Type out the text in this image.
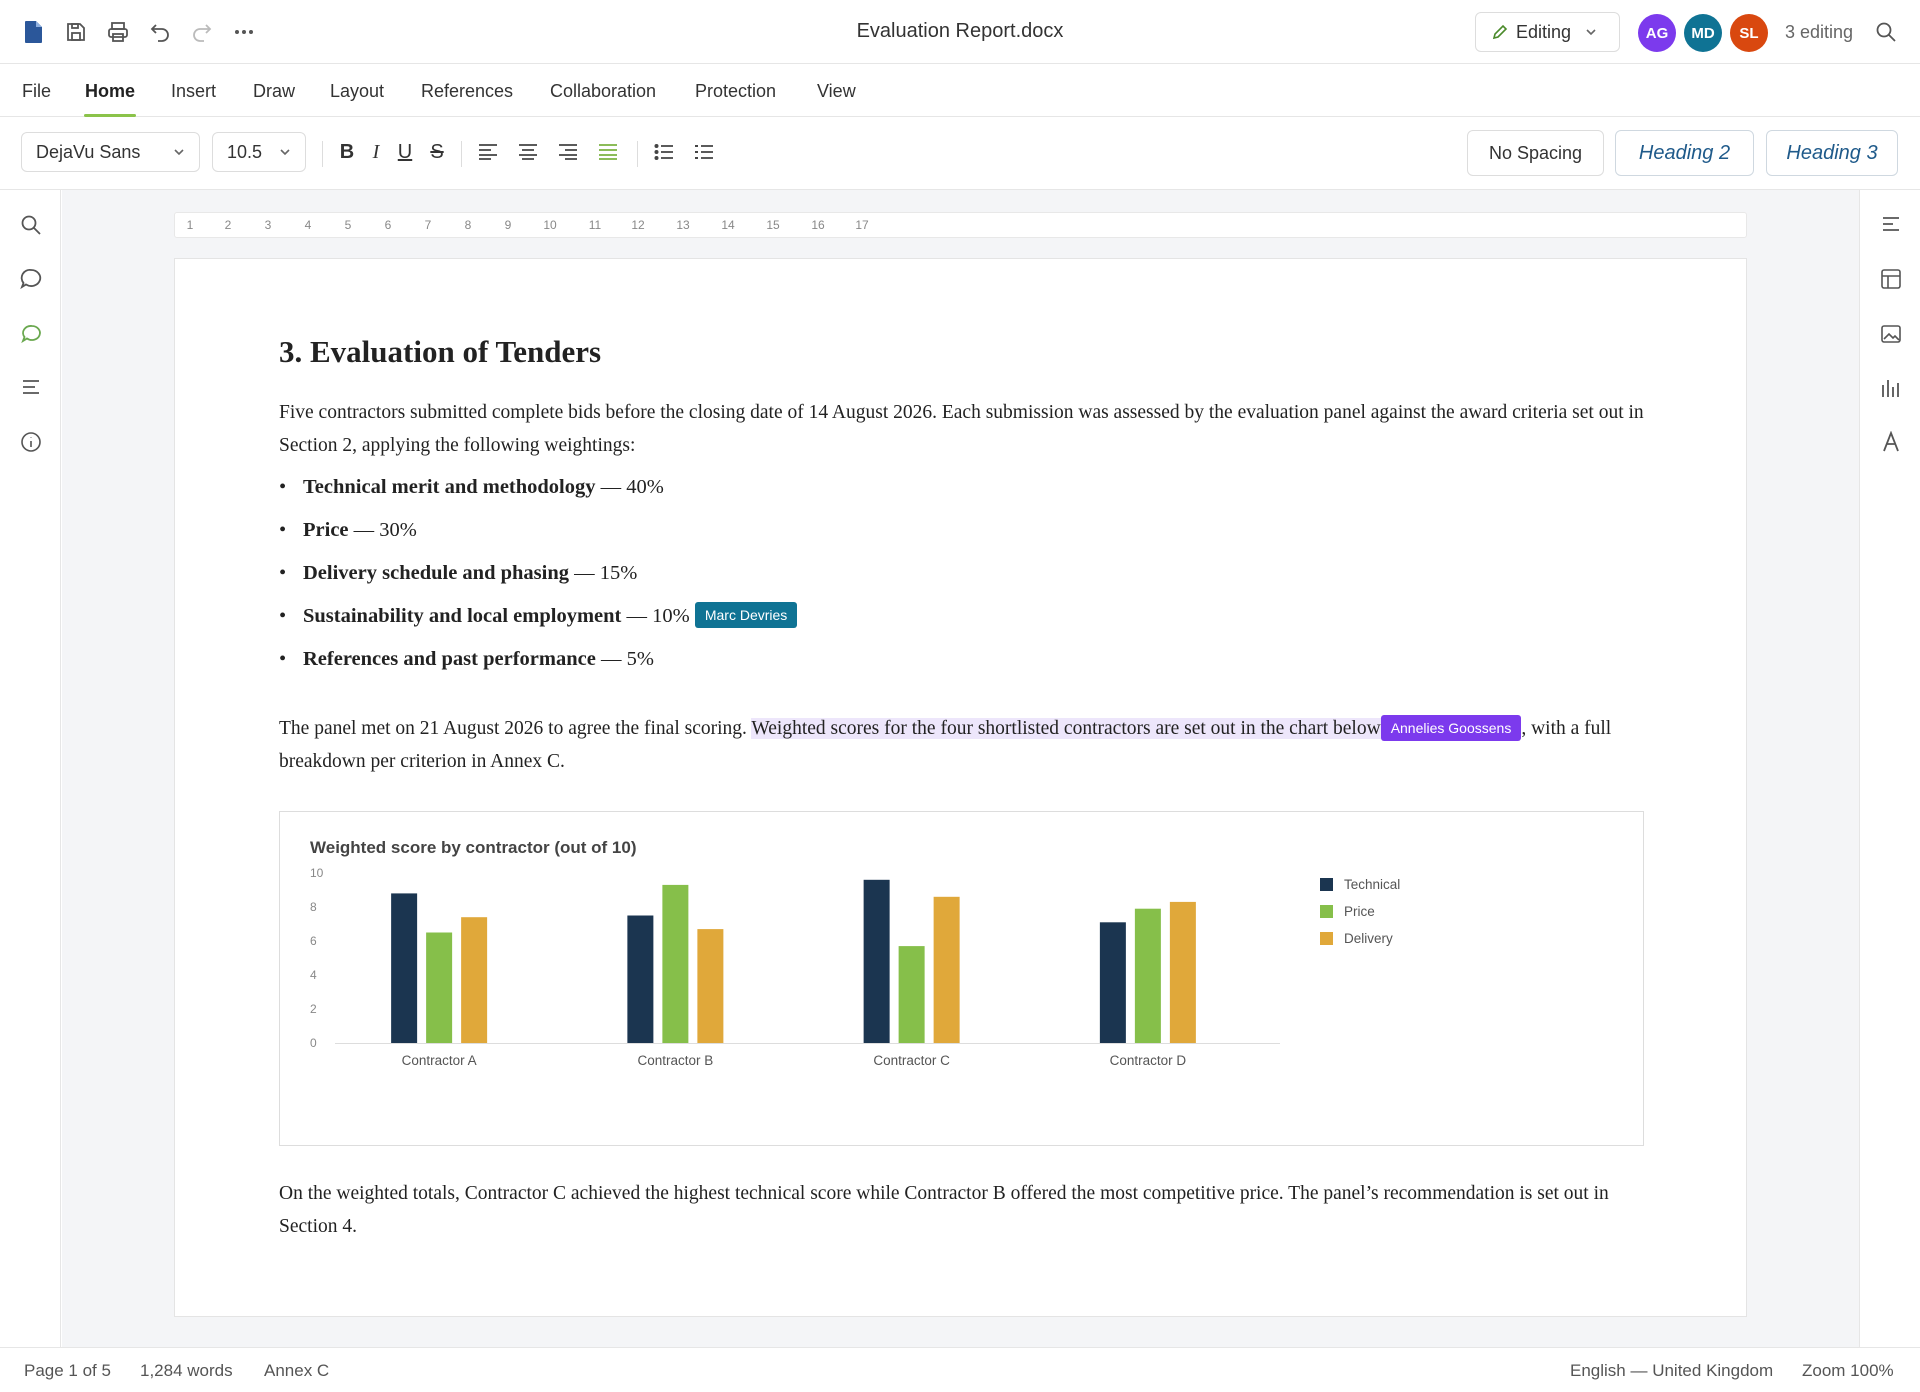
Evaluation Report.docx	Editing	AG	MD	SL	3 editing
File Home Insert Draw Layout References Collaboration Protection View
DejaVu Sans	10.5	B I U S	No Spacing	Heading 2	Heading 3
1	2	3	4	5	6	7	8	9	10	11	12	13	14	15	16	17
3. Evaluation of Tenders
Five contractors submitted complete bids before the closing date of 14 August 2026. Each submission was assessed by the evaluation panel against the award criteria set out in Section 2, applying the following weightings:
• Technical merit and methodology — 40%
• Price — 30%
• Delivery schedule and phasing — 15%
• Sustainability and local employment — 10% Marc Devries
• References and past performance — 5%
The panel met on 21 August 2026 to agree the final scoring. Weighted scores for the four shortlisted contractors are set out in the chart below Annelies Goossens , with a full breakdown per criterion in Annex C.
Weighted score by contractor (out of 10)
0
2
4
6
8
10
Contractor A	Contractor B	Contractor C	Contractor D
Technical
Price
Delivery
On the weighted totals, Contractor C achieved the highest technical score while Contractor B offered the most competitive price. The panel’s recommendation is set out in Section 4.
Page 1 of 5 1,284 words Annex C	English — United Kingdom Zoom 100%
